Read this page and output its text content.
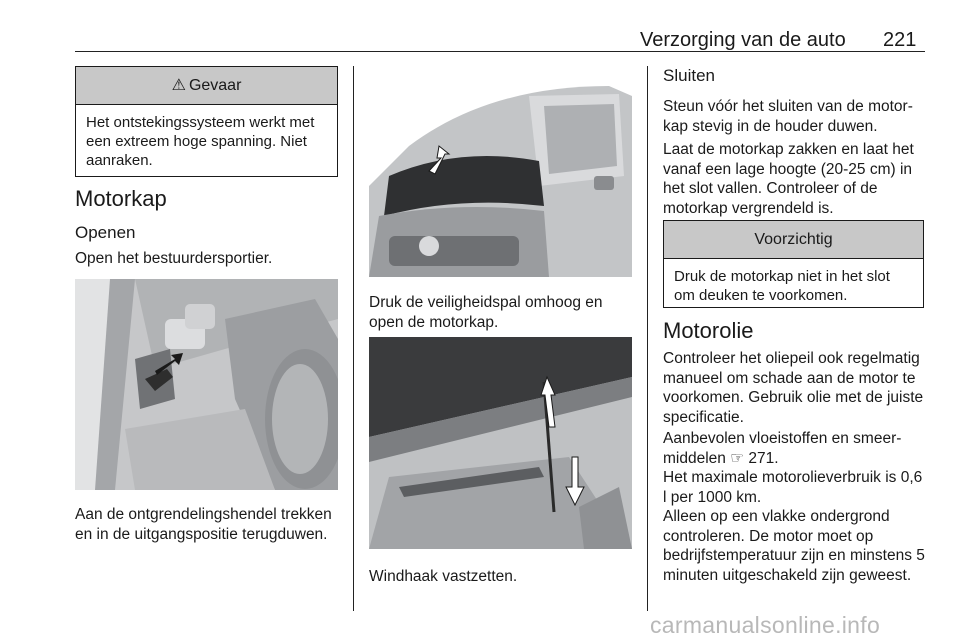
Verzorging van de auto 221
⚠ Gevaar
Het ontstekingssysteem werkt met een extreem hoge spanning. Niet aanraken.
Motorkap
Openen
Open het bestuurdersportier.
Aan de ontgrendelingshendel trekken en in de uitgangspositie terugduwen.
Druk de veiligheidspal omhoog en open de motorkap.
Windhaak vastzetten.
Sluiten
Steun vóór het sluiten van de motor-kap stevig in de houder duwen.
Laat de motorkap zakken en laat het vanaf een lage hoogte (20-25 cm) in het slot vallen. Controleer of de motorkap vergrendeld is.
Voorzichtig
Druk de motorkap niet in het slot om deuken te voorkomen.
Motorolie
Controleer het oliepeil ook regelmatig manueel om schade aan de motor te voorkomen. Gebruik olie met de juiste specificatie.
Aanbevolen vloeistoffen en smeer-middelen ☞ 271.
Het maximale motorolieverbruik is 0,6 l per 1000 km.
Alleen op een vlakke ondergrond controleren. De motor moet op bedrijfstemperatuur zijn en minstens 5 minuten uitgeschakeld zijn geweest.
carmanualsonline.info
